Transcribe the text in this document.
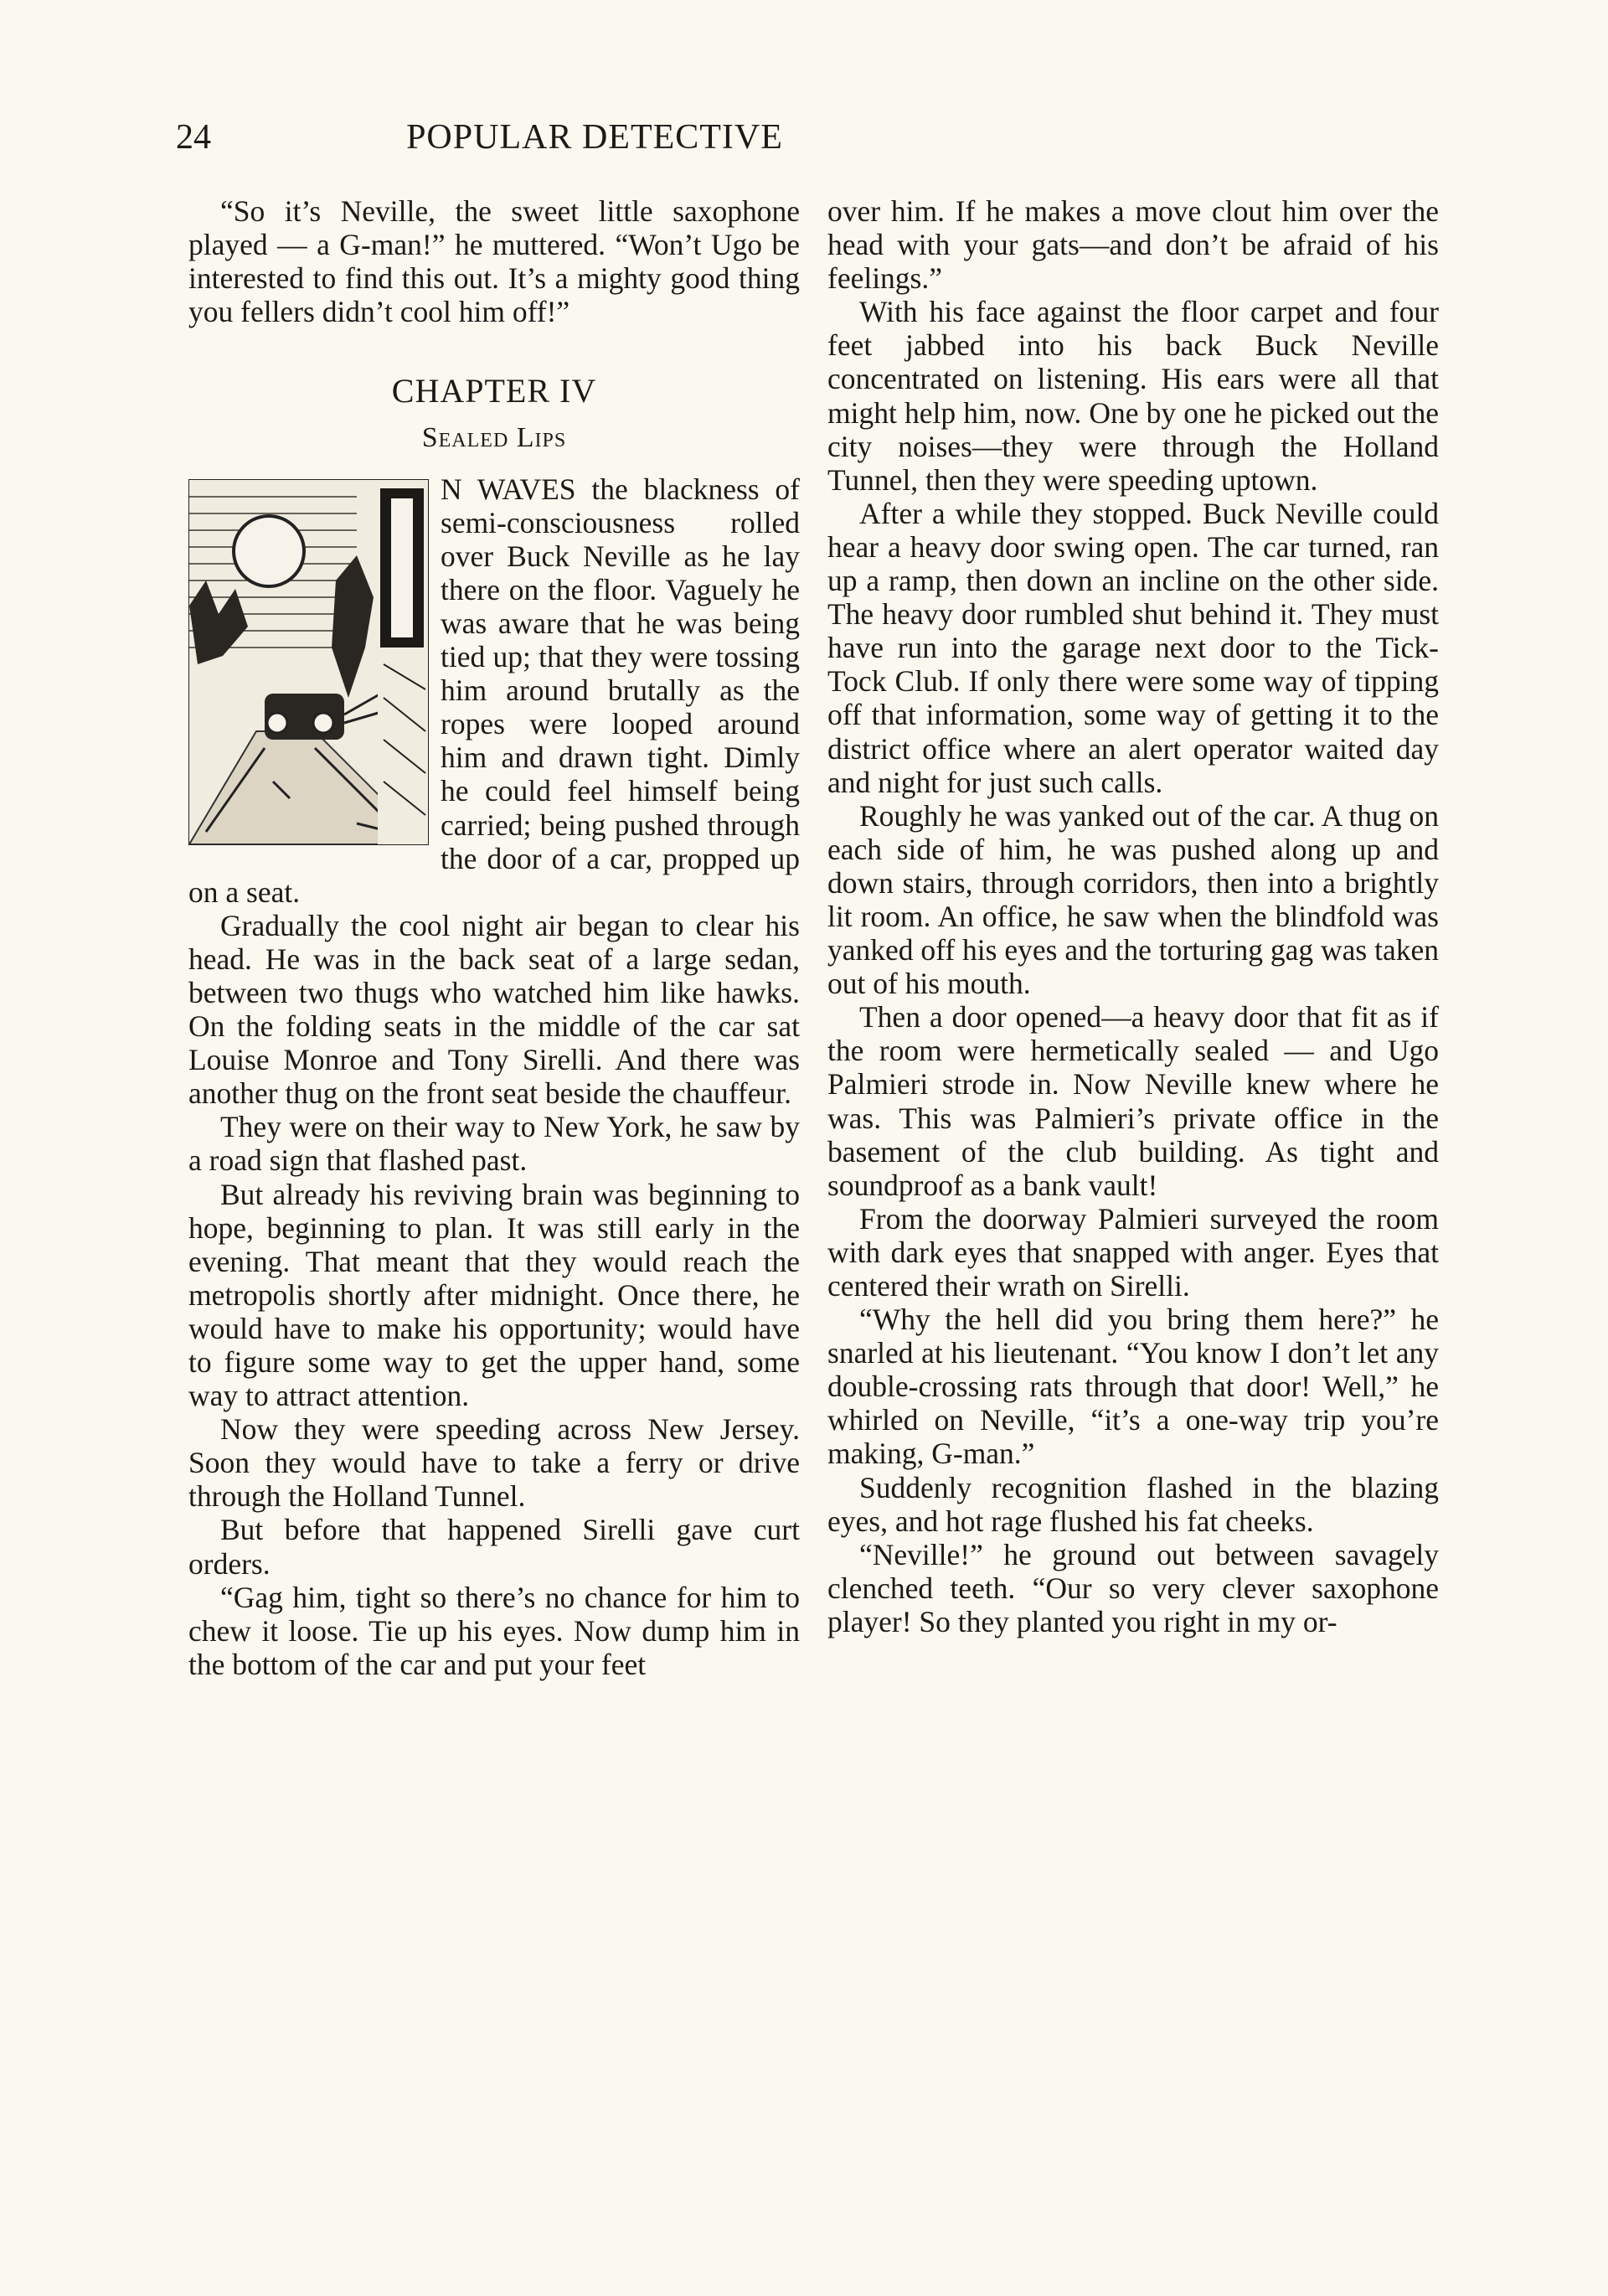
24	POPULAR DETECTIVE

“So it’s Neville, the sweet little saxophone played — a G-man!” he muttered. “Won’t Ugo be interested to find this out. It’s a mighty good thing you fellers didn’t cool him off!”

CHAPTER IV
Sealed Lips

N WAVES the blackness of semi-consciousness rolled over Buck Neville as he lay there on the floor. Vaguely he was aware that he was being tied up; that they were tossing him around brutally as the ropes were looped around him and drawn tight. Dimly he could feel himself being carried; being pushed through the door of a car, propped up on a seat.

Gradually the cool night air began to clear his head. He was in the back seat of a large sedan, between two thugs who watched him like hawks. On the folding seats in the middle of the car sat Louise Monroe and Tony Sirelli. And there was another thug on the front seat beside the chauffeur.

They were on their way to New York, he saw by a road sign that flashed past.

But already his reviving brain was beginning to hope, beginning to plan. It was still early in the evening. That meant that they would reach the metropolis shortly after midnight. Once there, he would have to make his opportunity; would have to figure some way to get the upper hand, some way to attract attention.

Now they were speeding across New Jersey. Soon they would have to take a ferry or drive through the Holland Tunnel.

But before that happened Sirelli gave curt orders.

“Gag him, tight so there’s no chance for him to chew it loose. Tie up his eyes. Now dump him in the bottom of the car and put your feet

over him. If he makes a move clout him over the head with your gats—and don’t be afraid of his feelings.”

With his face against the floor carpet and four feet jabbed into his back Buck Neville concentrated on listening. His ears were all that might help him, now. One by one he picked out the city noises—they were through the Holland Tunnel, then they were speeding uptown.

After a while they stopped. Buck Neville could hear a heavy door swing open. The car turned, ran up a ramp, then down an incline on the other side. The heavy door rumbled shut behind it. They must have run into the garage next door to the Tick-Tock Club. If only there were some way of tipping off that information, some way of getting it to the district office where an alert operator waited day and night for just such calls.

Roughly he was yanked out of the car. A thug on each side of him, he was pushed along up and down stairs, through corridors, then into a brightly lit room. An office, he saw when the blindfold was yanked off his eyes and the torturing gag was taken out of his mouth.

Then a door opened—a heavy door that fit as if the room were hermetically sealed — and Ugo Palmieri strode in. Now Neville knew where he was. This was Palmieri’s private office in the basement of the club building. As tight and soundproof as a bank vault!

From the doorway Palmieri surveyed the room with dark eyes that snapped with anger. Eyes that centered their wrath on Sirelli.

“Why the hell did you bring them here?” he snarled at his lieutenant. “You know I don’t let any double-crossing rats through that door! Well,” he whirled on Neville, “it’s a one-way trip you’re making, G-man.”

Suddenly recognition flashed in the blazing eyes, and hot rage flushed his fat cheeks.

“Neville!” he ground out between savagely clenched teeth. “Our so very clever saxophone player! So they planted you right in my or-
